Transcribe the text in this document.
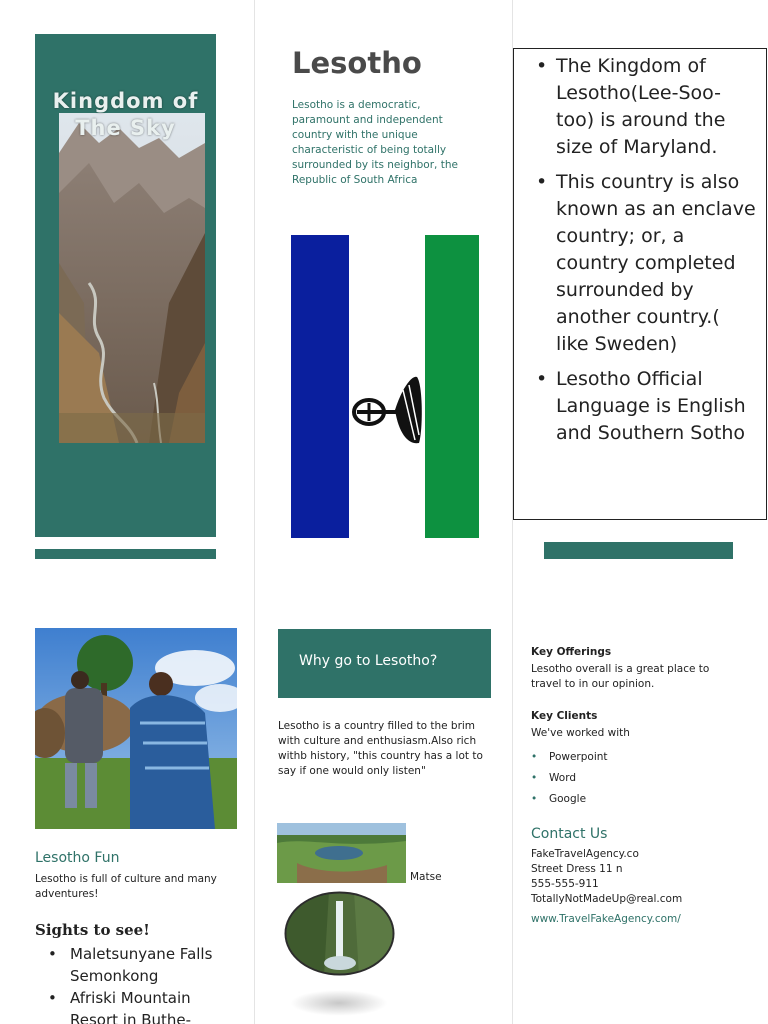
Kingdom of The Sky
Lesotho
Lesotho is a democratic, paramount and independent country with the unique characteristic of being totally surrounded by its neighbor, the Republic of South Africa
• The Kingdom of Lesotho(Lee-Soo-too) is around the size of Maryland.
• This country is also known as an enclave country; or, a country completed surrounded by another country.( like Sweden)
• Lesotho Official Language is English and Southern Sotho
Lesotho Fun
Lesotho is full of culture and many adventures!
Sights to see!
• Maletsunyane Falls Semonkong
• Afriski Mountain Resort in Buthe-
Why go to Lesotho?
Lesotho is a country filled to the brim with culture and enthusiasm.Also rich withb history, "this country has a lot to say if one would only listen"
Matse
Key Offerings
Lesotho overall is a great place to travel to in our opinion.
Key Clients
We've worked with
• Powerpoint
• Word
• Google
Contact Us
FakeTravelAgency.co
Street Dress 11 n
555-555-911
TotallyNotMadeUp@real.com
www.TravelFakeAgency.com/
